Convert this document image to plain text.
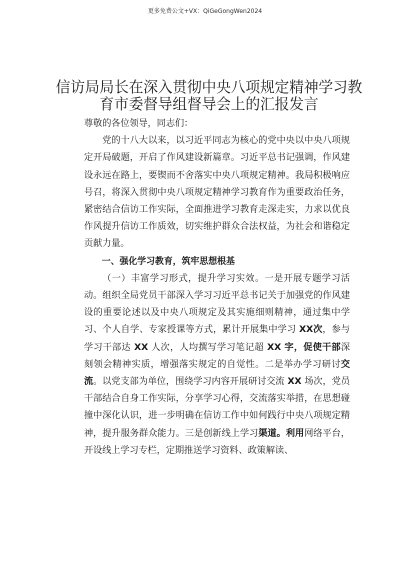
更多免费公文+VX：QiGeGongWen2024
信访局局长在深入贯彻中央八项规定精神学习教育市委督导组督导会上的汇报发言

尊敬的各位领导，同志们：

党的十八大以来，以习近平同志为核心的党中央以中央八项规定开局破题，开启了作风建设新篇章。习近平总书记强调，作风建设永远在路上，要锲而不舍落实中央八项规定精神。我局积极响应号召，将深入贯彻中央八项规定精神学习教育作为重要政治任务，紧密结合信访工作实际，全面推进学习教育走深走实，力求以优良作风提升信访工作质效，切实维护群众合法权益，为社会和谐稳定贡献力量。

一、强化学习教育，筑牢思想根基

（一）丰富学习形式，提升学习实效。一是开展专题学习活动。组织全局党员干部深入学习习近平总书记关于加强党的作风建设的重要论述以及中央八项规定及其实施细则精神，通过集中学习、个人自学、专家授课等方式，累计开展集中学习 XX次，参与学习干部达 XX 人次，人均撰写学习笔记超 XX 字，促使干部深刻领会精神实质，增强落实规定的自觉性。二是举办学习研讨交流。以党支部为单位，围绕学习内容开展研讨交流 XX 场次，党员干部结合自身工作实际，分享学习心得，交流落实举措，在思想碰撞中深化认识，进一步明确在信访工作中如何践行中央八项规定精神，提升服务群众能力。三是创新线上学习渠道。利用网络平台，开设线上学习专栏，定期推送学习资料、政策解读、
